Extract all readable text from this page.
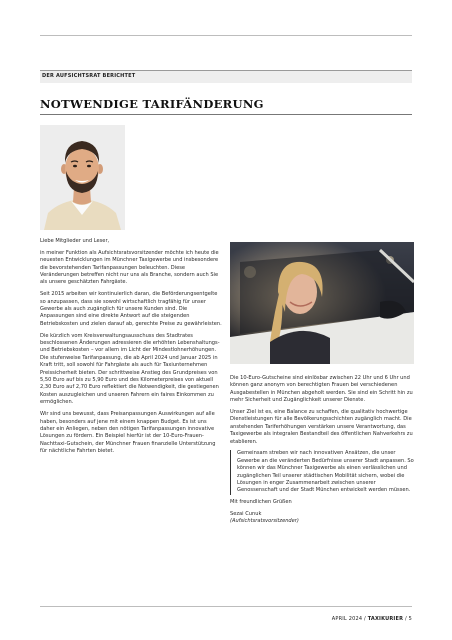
DER AUFSICHTSRAT BERICHTET
NOTWENDIGE TARIFÄNDERUNG

Liebe Mitglieder und Leser,

in meiner Funktion als Aufsichtsratsvorsitzender möchte ich heute die neuesten Entwicklungen im Münchner Taxigewerbe und insbesondere die bevorstehenden Tarifanpassungen beleuchten. Diese Veränderungen betreffen nicht nur uns als Branche, sondern auch Sie als unsere geschätzten Fahrgäste.

Seit 2015 arbeiten wir kontinuierlich daran, die Beförderungsentgelte so anzupassen, dass sie sowohl wirtschaftlich tragfähig für unser Gewerbe als auch zugänglich für unsere Kunden sind. Die Anpassungen sind eine direkte Antwort auf die steigenden Betriebskosten und zielen darauf ab, gerechte Preise zu gewährleisten.

Die kürzlich vom Kreisverwaltungsausschuss des Stadtrates beschlossenen Änderungen adressieren die erhöhten Lebenshaltungs- und Betriebskosten – vor allem im Licht der Mindestlohnerhöhungen. Die stufenweise Tarifanpassung, die ab April 2024 und Januar 2025 in Kraft tritt, soll sowohl für Fahrgäste als auch für Taxiunternehmen Preissicherheit bieten. Der schrittweise Anstieg des Grundpreises von 5,50 Euro auf bis zu 5,90 Euro und des Kilometerpreises von aktuell 2,30 Euro auf 2,70 Euro reflektiert die Notwendigkeit, die gestiegenen Kosten auszugleichen und unseren Fahrern ein faires Einkommen zu ermöglichen.

Wir sind uns bewusst, dass Preisanpassungen Auswirkungen auf alle haben, besonders auf jene mit einem knappen Budget. Es ist uns daher ein Anliegen, neben den nötigen Tarifanpassungen innovative Lösungen zu fördern. Ein Beispiel hierfür ist der 10-Euro-Frauen-Nachttaxi-Gutschein, der Münchner Frauen finanzielle Unterstützung für nächtliche Fahrten bietet.

Die 10-Euro-Gutscheine sind einlösbar zwischen 22 Uhr und 6 Uhr und können ganz anonym von berechtigten Frauen bei verschiedenen Ausgabestellen in München abgeholt werden. Sie sind ein Schritt hin zu mehr Sicherheit und Zugänglichkeit unserer Dienste.

Unser Ziel ist es, eine Balance zu schaffen, die qualitativ hochwertige Dienstleistungen für alle Bevölkerungsschichten zugänglich macht. Die anstehenden Tariferhöhungen verstärken unsere Verantwortung, das Taxigewerbe als integralen Bestandteil des öffentlichen Nahverkehrs zu etablieren.

Gemeinsam streben wir nach innovativen Ansätzen, die unser Gewerbe an die veränderten Bedürfnisse unserer Stadt anpassen. So können wir das Münchner Taxigewerbe als einen verlässlichen und zugänglichen Teil unserer städtischen Mobilität sichern, wobei die Lösungen in enger Zusammenarbeit zwischen unserer Genossenschaft und der Stadt München entwickelt werden müssen.

Mit freundlichen Grüßen

Sezai Cunuk
(Aufsichtsratsvorsitzender)
APRIL 2024 / TAXIKURIER / 5
